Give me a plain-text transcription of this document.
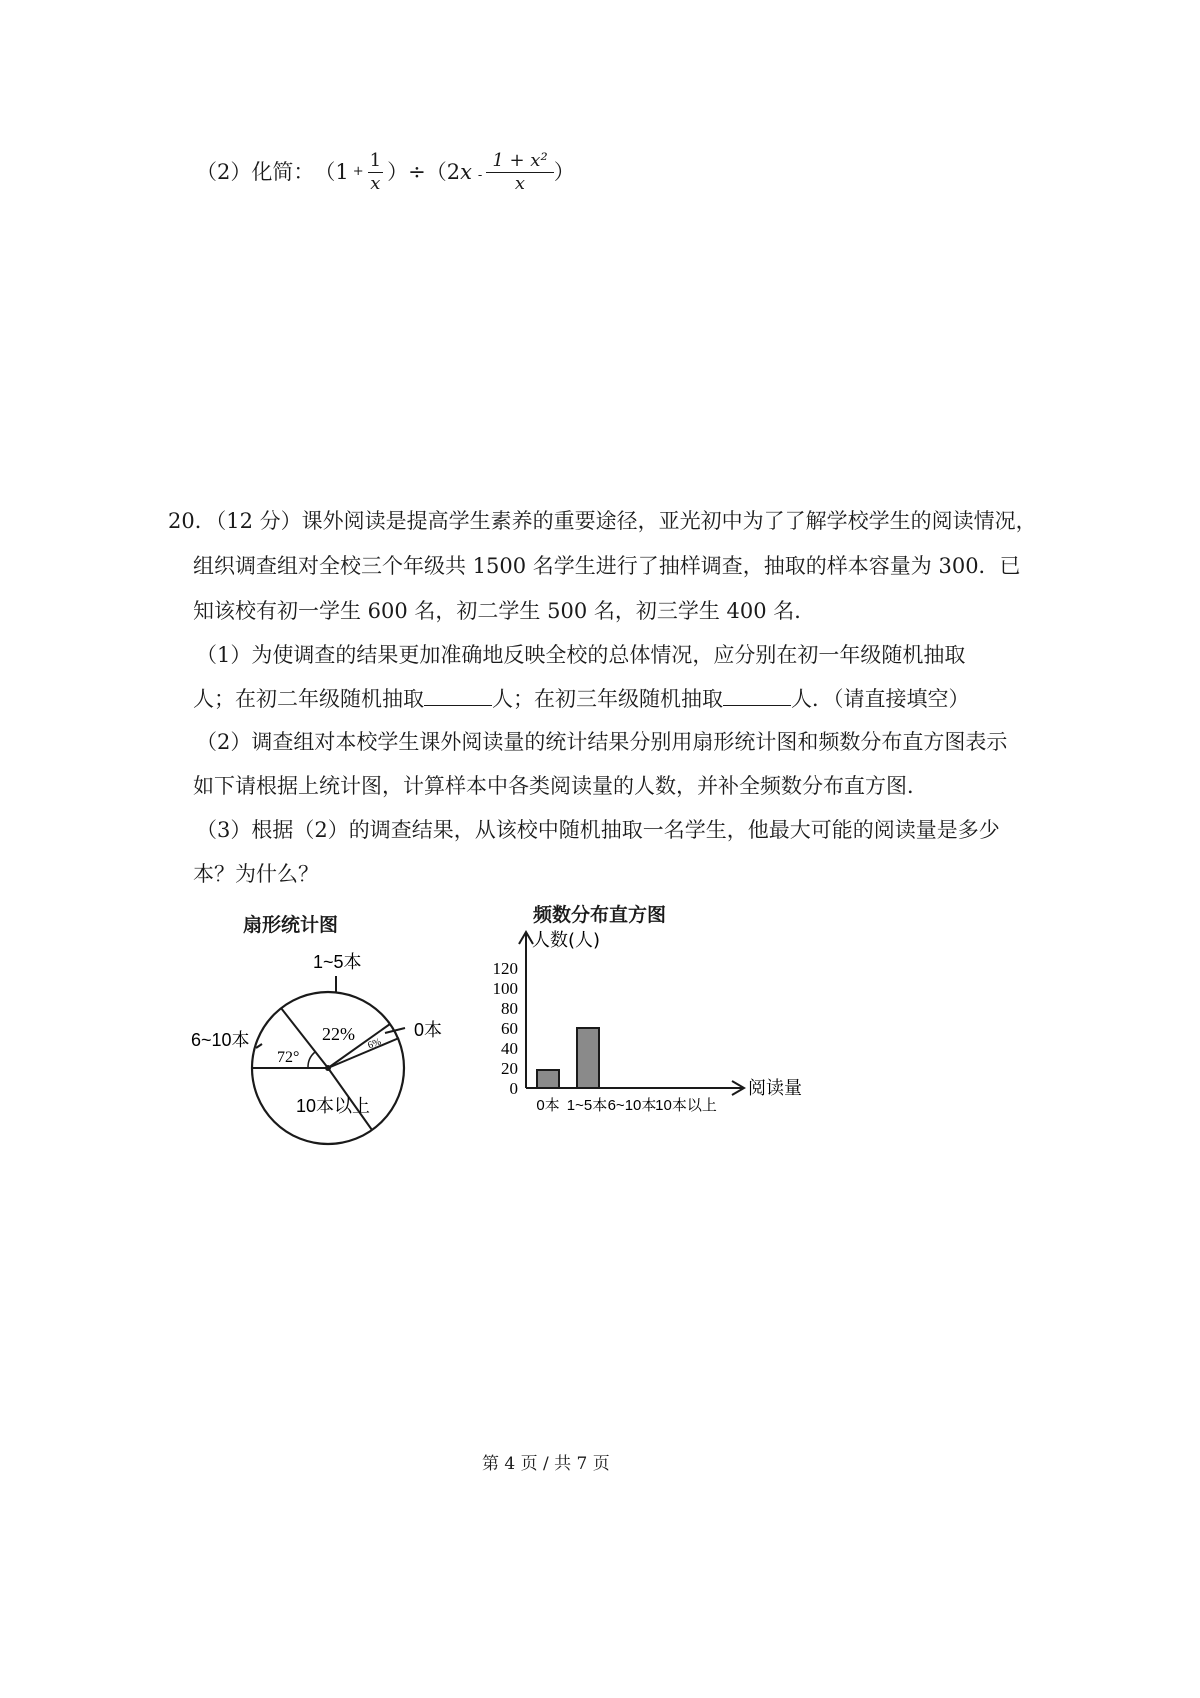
（2）化简： $(1 + \frac{1}{x} )\div(2$ x - $\frac{\text{1 + x²}}{x}$ ）
20．（12 分）课外阅读是提高学生素养的重要途径，亚光初中为了了解学校学生的阅读情况，
组织调查组对全校三个年级共 1500 名学生进行了抽样调查，抽取的样本容量为 300．已
知该校有初一学生 600 名，初二学生 500 名，初三学生 400 名．
（1）为使调查的结果更加准确地反映全校的总体情况，应分别在初一年级随机抽取
人；在初二年级随机抽取	人；在初三年级随机抽取	人．（请直接填空）
（2）调查组对本校学生课外阅读量的统计结果分别用扇形统计图和频数分布直方图表示
如下请根据上统计图，计算样本中各类阅读量的人数，并补全频数分布直方图．
（3）根据（2）的调查结果，从该校中随机抽取一名学生，他最大可能的阅读量是多少
本？为什么？
扇形统计图
1~5本
6~10本	0本
10本以上
22%
72°
6%
频数分布直方图
人数(人)
阅读量
0
20
40
60
80
100
120
0本 1~5本 6~10本
10本以上
第 4 页 / 共 7 页
